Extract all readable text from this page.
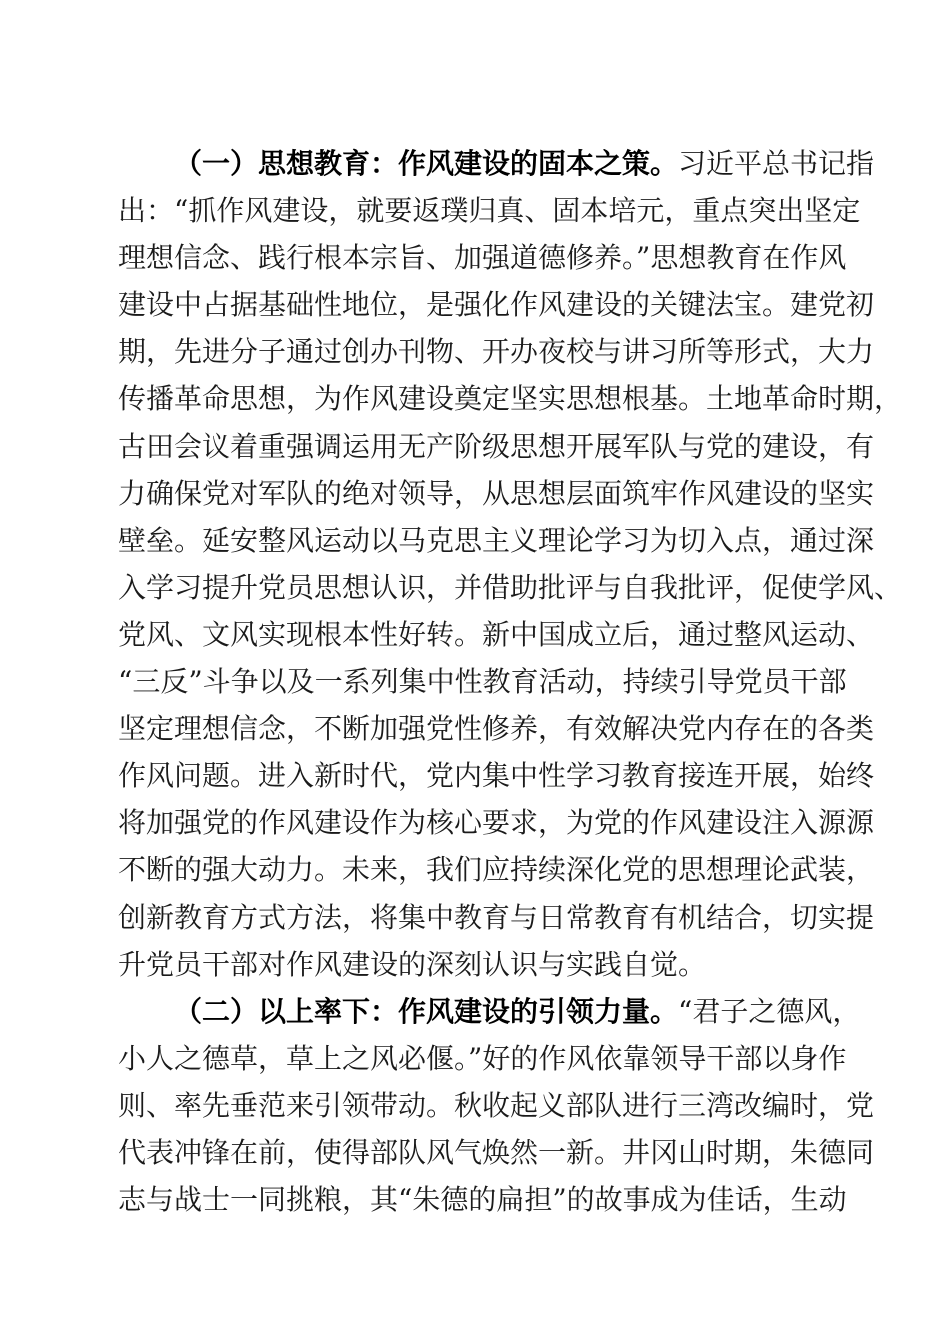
（一）思想教育：作风建设的固本之策。习近平总书记指
出：“抓作风建设，就要返璞归真、固本培元，重点突出坚定
理想信念、践行根本宗旨、加强道德修养。”思想教育在作风
建设中占据基础性地位，是强化作风建设的关键法宝。建党初
期，先进分子通过创办刊物、开办夜校与讲习所等形式，大力
传播革命思想，为作风建设奠定坚实思想根基。土地革命时期，
古田会议着重强调运用无产阶级思想开展军队与党的建设，有
力确保党对军队的绝对领导，从思想层面筑牢作风建设的坚实
壁垒。延安整风运动以马克思主义理论学习为切入点，通过深
入学习提升党员思想认识，并借助批评与自我批评，促使学风、
党风、文风实现根本性好转。新中国成立后，通过整风运动、
“三反”斗争以及一系列集中性教育活动，持续引导党员干部
坚定理想信念，不断加强党性修养，有效解决党内存在的各类
作风问题。进入新时代，党内集中性学习教育接连开展，始终
将加强党的作风建设作为核心要求，为党的作风建设注入源源
不断的强大动力。未来，我们应持续深化党的思想理论武装，
创新教育方式方法，将集中教育与日常教育有机结合，切实提
升党员干部对作风建设的深刻认识与实践自觉。
（二）以上率下：作风建设的引领力量。“君子之德风，
小人之德草，草上之风必偃。”好的作风依靠领导干部以身作
则、率先垂范来引领带动。秋收起义部队进行三湾改编时，党
代表冲锋在前，使得部队风气焕然一新。井冈山时期，朱德同
志与战士一同挑粮，其“朱德的扁担”的故事成为佳话，生动
